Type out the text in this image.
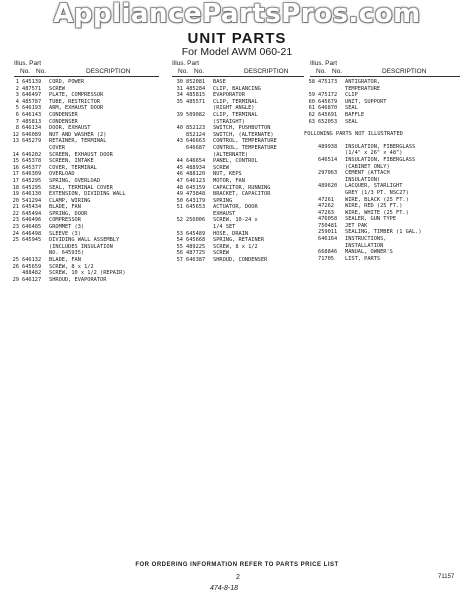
AppliancePartsPros.com
UNIT PARTS
For Model AWM 060-21
Illus. Part
No. No.	DESCRIPTION
Illus. Part
No. No.	DESCRIPTION
Illus. Part
No. No.	DESCRIPTION
1 645139	CORD, POWER
2 487571	SCREW
3 646497	PLATE, COMPRESSOR
4 485787	TUBE, RESTRICTOR
5 646193	ARM, EXHAUST DOOR
6 646143	CONDENSER
7 485813	CONDENSER
8 646134	DOOR, EXHAUST
12 646089	NUT AND WASHER (2)
13 645279	RETAINER, TERMINAL
COVER
14 646202	SCREEN, EXHAUST DOOR
15 645378	SCREEN, INTAKE
16 645377	COVER, TERMINAL
17 646309	OVERLOAD
17 645295	SPRING, OVERLOAD
18 645295	SEAL, TERMINAL COVER
19 646130	EXTENSION, DIVIDING WALL
20 541294	CLAMP, WIRING
21 645434	BLADE, FAN
22 645494	SPRING, DOOR
23 646496	COMPRESSOR
23 646485	GROMMET (3)
24 646498	SLEEVE (3)
25 645945	DIVIDING WALL ASSEMBLY
(INCLUDES INSULATION
NO. 645935)
25 646132	BLADE, FAN
26 645659	SCREW, 8 x 1/2
488482	SCREW, 10 x 1/2 (REPAIR)
29 646127	SHROUD, EVAPORATOR
30 852081	BASE
31 485284	CLIP, BALANCING
34 485815	EVAPORATOR
35 485571	CLIP, TERMINAL
(RIGHT ANGLE)
39 509082	CLIP, TERMINAL
(STRAIGHT)
40 852123	SWITCH, PUSHBUTTON
852124	SWITCH, (ALTERNATE)
43 646663	CONTROL, TEMPERATURE
646687	CONTROL, TEMPERATURE
(ALTERNATE)
44 646654	PANEL, CONTROL
45 488934	SCREW
46 488120	NUT, KEPS
47 646123	MOTOR, FAN
48 645159	CAPACITOR, RUNNING
49 473848	BRACKET, CAPACITOR
50 643179	SPRING
51 645653	ACTUATOR, DOOR
EXHAUST
52 256006	SCREW, 10-24 x
1/4 SET
53 645489	HOSE, DRAIN
54 645668	SPRING, RETAINER
55 489225	SCREW, 8 x 1/2
56 487725	SCREW
57 646387	SHROUD, CONDENSER
58 475173	ANTIGRATOR,
TEMPERATURE
59 475172	CLIP
60 645679	UNIT, SUPPORT
61 646870	SEAL
62 645691	BAFFLE
63 652053	SEAL
FOLLOWING PARTS NOT ILLUSTRATED
489938	INSULATION, FIBERGLASS
(1/4" x 26" x 48")
646514	INSULATION, FIBERGLASS
(CABINET ONLY)
297063	CEMENT (ATTACH
INSULATION)
489620	LACQUER, STARLIGHT
GREY (1/3 PT. NSC27)
47261	WIRE, BLACK (25 FT.)
47262	WIRE, RED (25 FT.)
47263	WIRE, WHITE (25 FT.)
476058	SEALER, GUN TYPE
750481	JET PAK
259011	SEALING, TIMBER (1 GAL.)
646164	INSTRUCTIONS,
INSTALLATION
668846	MANUAL, OWNER'S
71705	LIST, PARTS
FOR ORDERING INFORMATION REFER TO PARTS PRICE LIST
2	71157
474-8-18
